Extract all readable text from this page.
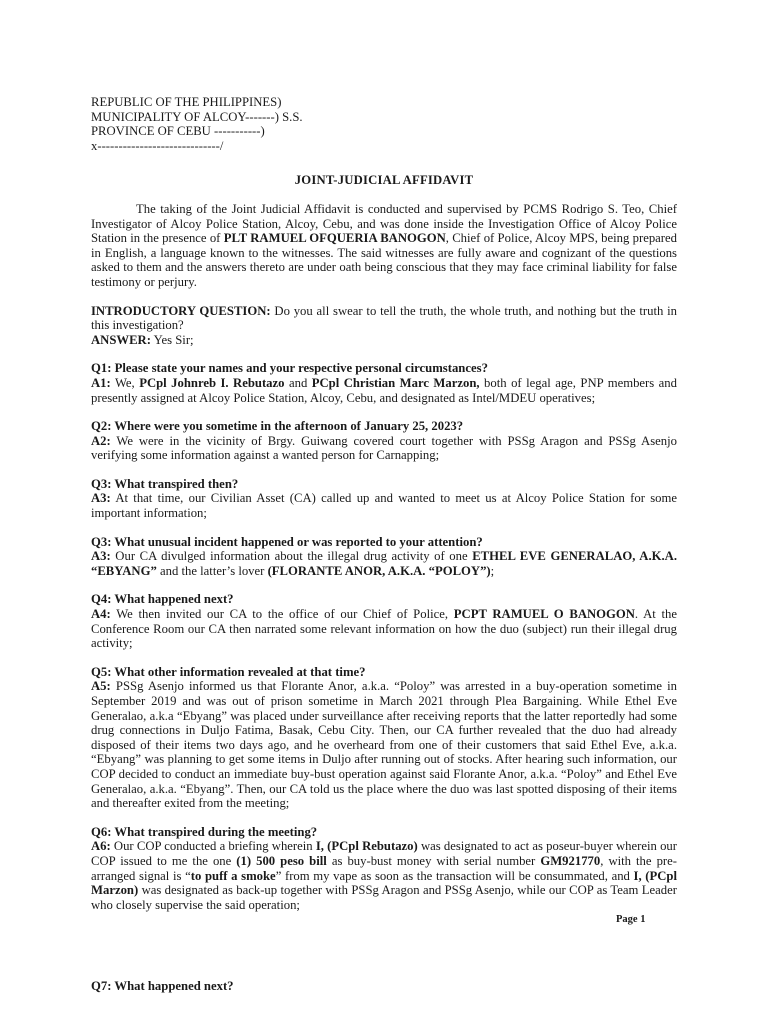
REPUBLIC OF THE PHILIPPINES)

MUNICIPALITY OF ALCOY-------) S.S.

PROVINCE OF CEBU -----------)

x-----------------------------/

JOINT-JUDICIAL AFFIDAVIT

The taking of the Joint Judicial Affidavit is conducted and supervised by PCMS Rodrigo S. Teo, Chief Investigator of Alcoy Police Station, Alcoy, Cebu, and was done inside the Investigation Office of Alcoy Police Station in the presence of PLT RAMUEL OFQUERIA BANOGON, Chief of Police, Alcoy MPS, being prepared in English, a language known to the witnesses. The said witnesses are fully aware and cognizant of the questions asked to them and the answers thereto are under oath being conscious that they may face criminal liability for false testimony or perjury.

INTRODUCTORY QUESTION: Do you all swear to tell the truth, the whole truth, and nothing but the truth in this investigation?
ANSWER: Yes Sir;
Q1: Please state your names and your respective personal circumstances?
A1: We, PCpl Johnreb I. Rebutazo and PCpl Christian Marc Marzon, both of legal age, PNP members and presently assigned at Alcoy Police Station, Alcoy, Cebu, and designated as Intel/MDEU operatives;
Q2: Where were you sometime in the afternoon of January 25, 2023?
A2: We were in the vicinity of Brgy. Guiwang covered court together with PSSg Aragon and PSSg Asenjo verifying some information against a wanted person for Carnapping;
Q3: What transpired then?
A3: At that time, our Civilian Asset (CA) called up and wanted to meet us at Alcoy Police Station for some important information;
Q3: What unusual incident happened or was reported to your attention?
A3: Our CA divulged information about the illegal drug activity of one ETHEL EVE GENERALAO, A.K.A. “EBYANG” and the latter’s lover (FLORANTE ANOR, A.K.A. “POLOY”);
Q4: What happened next?
A4: We then invited our CA to the office of our Chief of Police, PCPT RAMUEL O BANOGON. At the Conference Room our CA then narrated some relevant information on how the duo (subject) run their illegal drug activity;
Q5: What other information revealed at that time?
A5: PSSg Asenjo informed us that Florante Anor, a.k.a. “Poloy” was arrested in a buy-operation sometime in September 2019 and was out of prison sometime in March 2021 through Plea Bargaining. While Ethel Eve Generalao, a.k.a “Ebyang” was placed under surveillance after receiving reports that the latter reportedly had some drug connections in Duljo Fatima, Basak, Cebu City. Then, our CA further revealed that the duo had already disposed of their items two days ago, and he overheard from one of their customers that said Ethel Eve, a.k.a. “Ebyang” was planning to get some items in Duljo after running out of stocks. After hearing such information, our COP decided to conduct an immediate buy-bust operation against said Florante Anor, a.k.a. “Poloy” and Ethel Eve Generalao, a.k.a. “Ebyang”. Then, our CA told us the place where the duo was last spotted disposing of their items and thereafter exited from the meeting;
Q6: What transpired during the meeting?
A6: Our COP conducted a briefing wherein I, (PCpl Rebutazo) was designated to act as poseur-buyer wherein our COP issued to me the one (1) 500 peso bill as buy-bust money with serial number GM921770, with the pre-arranged signal is “to puff a smoke” from my vape as soon as the transaction will be consummated, and I, (PCpl Marzon) was designated as back-up together with PSSg Aragon and PSSg Asenjo, while our COP as Team Leader who closely supervise the said operation;
Page 1
Q7: What happened next?
